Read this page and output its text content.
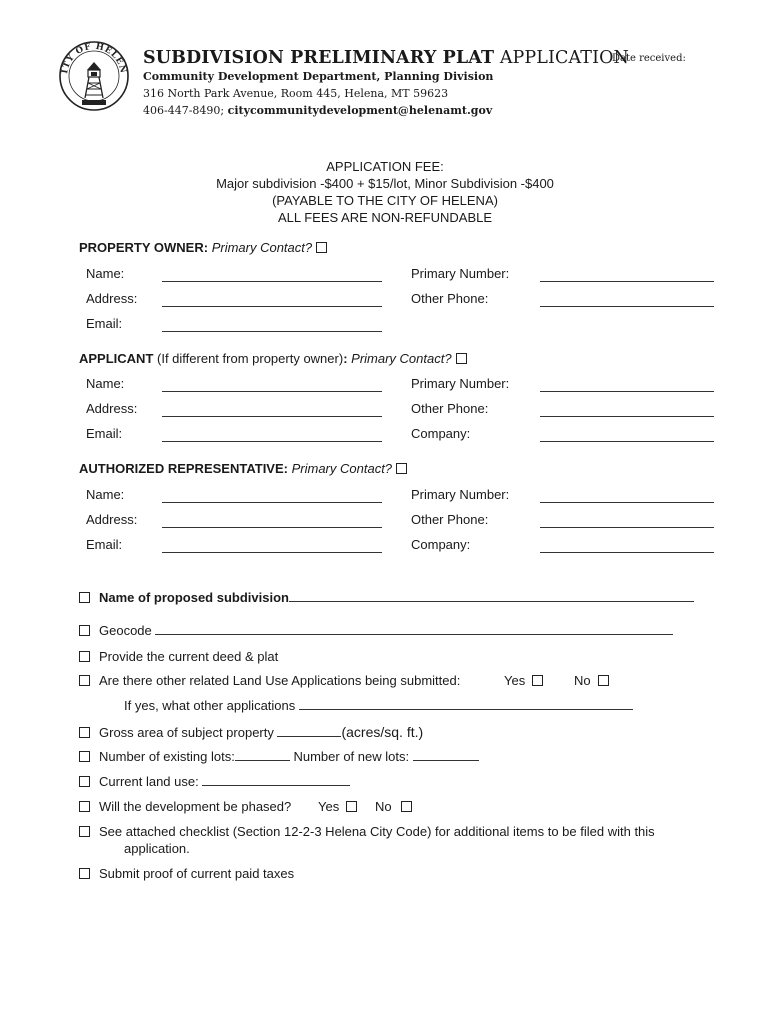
ITY OF HELEN
SUBDIVISION PRELIMINARY PLAT APPLICATION
Date received:
Community Development Department, Planning Division
316 North Park Avenue, Room 445, Helena, MT 59623
406-447-8490; citycommunitydevelopment@helenamt.gov
APPLICATION FEE:
Major subdivision -$400 + $15/lot, Minor Subdivision -$400
(PAYABLE TO THE CITY OF HELENA)
ALL FEES ARE NON-REFUNDABLE
PROPERTY OWNER: Primary Contact?
Name:	Primary Number:
Address:	Other Phone:
Email:
APPLICANT (If different from property owner): Primary Contact?
Name:	Primary Number:
Address:	Other Phone:
Email:	Company:
AUTHORIZED REPRESENTATIVE: Primary Contact?
Name:	Primary Number:
Address:	Other Phone:
Email:	Company:
Name of proposed subdivision
Geocode
Provide the current deed & plat
Are there other related Land Use Applications being submitted:	Yes	No
If yes, what other applications
Gross area of subject property	(acres/sq. ft.)
Number of existing lots:	Number of new lots:
Current land use:
Will the development be phased? Yes	No
See attached checklist (Section 12-2-3 Helena City Code) for additional items to be filed with this
application.
Submit proof of current paid taxes
